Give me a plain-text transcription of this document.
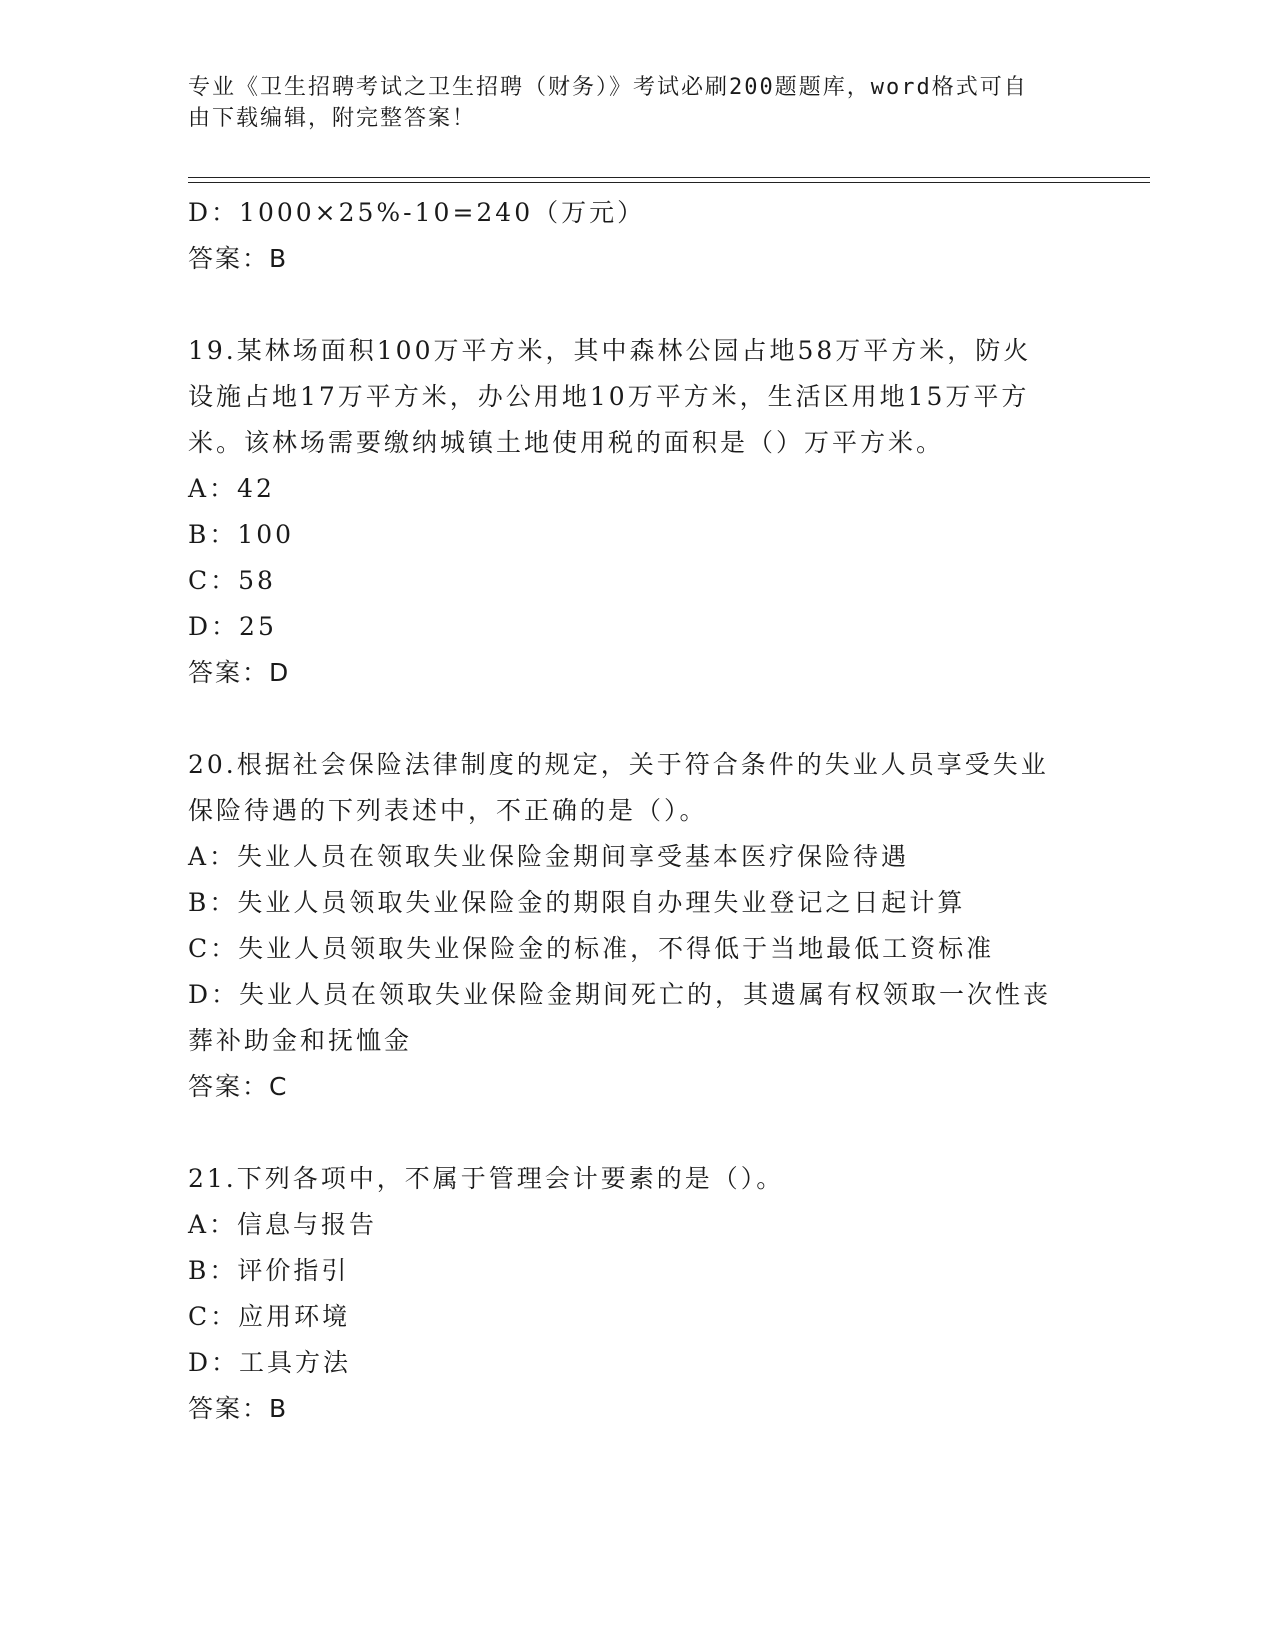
专业《卫生招聘考试之卫生招聘（财务）》考试必刷200题题库，word格式可自
由下载编辑，附完整答案！
D：1000×25%-10=240（万元）
答案：B
19.某林场面积100万平方米，其中森林公园占地58万平方米，防火
设施占地17万平方米，办公用地10万平方米，生活区用地15万平方
米。该林场需要缴纳城镇土地使用税的面积是（）万平方米。
A：42
B：100
C：58
D：25
答案：D
20.根据社会保险法律制度的规定，关于符合条件的失业人员享受失业
保险待遇的下列表述中，不正确的是（）。
A：失业人员在领取失业保险金期间享受基本医疗保险待遇
B：失业人员领取失业保险金的期限自办理失业登记之日起计算
C：失业人员领取失业保险金的标准，不得低于当地最低工资标准
D：失业人员在领取失业保险金期间死亡的，其遗属有权领取一次性丧
葬补助金和抚恤金
答案：C
21.下列各项中，不属于管理会计要素的是（）。
A：信息与报告
B：评价指引
C：应用环境
D：工具方法
答案：B
